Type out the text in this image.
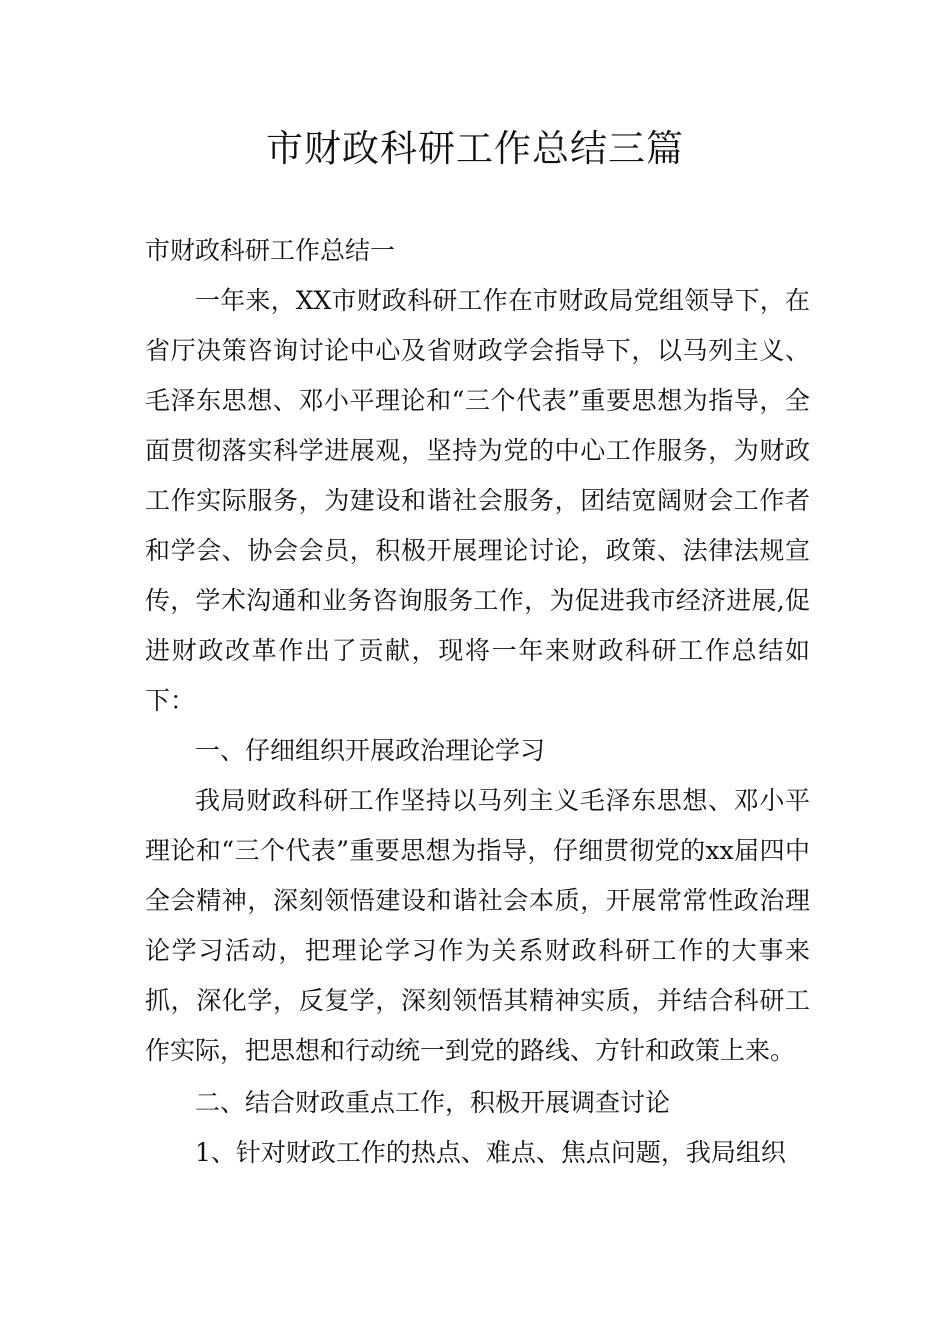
市财政科研工作总结三篇

市财政科研工作总结一

一年来，XX市财政科研工作在市财政局党组领导下，在省厅决策咨询讨论中心及省财政学会指导下，以马列主义、毛泽东思想、邓小平理论和“三个代表”重要思想为指导，全面贯彻落实科学进展观，坚持为党的中心工作服务，为财政工作实际服务，为建设和谐社会服务，团结宽阔财会工作者和学会、协会会员，积极开展理论讨论，政策、法律法规宣传，学术沟通和业务咨询服务工作，为促进我市经济进展,促进财政改革作出了贡献，现将一年来财政科研工作总结如下：

一、仔细组织开展政治理论学习

我局财政科研工作坚持以马列主义毛泽东思想、邓小平理论和“三个代表”重要思想为指导，仔细贯彻党的xx届四中全会精神，深刻领悟建设和谐社会本质，开展常常性政治理论学习活动，把理论学习作为关系财政科研工作的大事来抓，深化学，反复学，深刻领悟其精神实质，并结合科研工作实际，把思想和行动统一到党的路线、方针和政策上来。

二、结合财政重点工作，积极开展调查讨论

1、针对财政工作的热点、难点、焦点问题，我局组织
